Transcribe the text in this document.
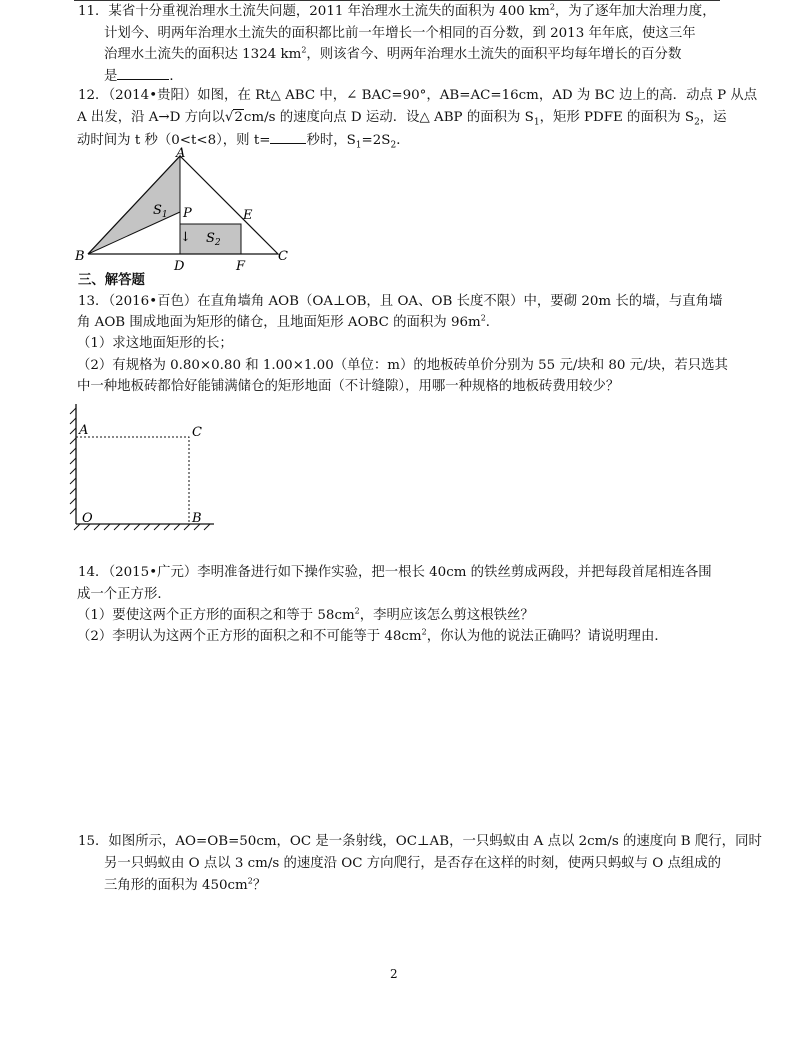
11．某省十分重视治理水土流失问题，2011 年治理水土流失的面积为 400 $km^2$，为了逐年加大治理力度，
计划今、明两年治理水土流失的面积都比前一年增长一个相同的百分数，到 2013 年年底，使这三年
治理水土流失的面积达 1324 $km^2$，则该省今、明两年治理水土流失的面积平均每年增长的百分数
是	．
12．（2014•贵阳）如图，在 Rt△ ABC 中，∠ BAC=90°，AB=AC=16cm，AD 为 BC 边上的高．动点 P 从点
A 出发，沿 A→D 方向以√2cm/s 的速度向点 D 运动．设△ ABP 的面积为 $S_1$，矩形 PDFE 的面积为 $S_2$，运
动时间为 t 秒（0<t<8），则 t=	秒时，$S_1=2S_2$．
A
B	C
D
E
F
P
$S_1$
$S_2$
↓
三、解答题
13．（2016•百色）在直角墙角 AOB（OA⊥OB，且 OA、OB 长度不限）中，要砌 20m 长的墙，与直角墙
角 AOB 围成地面为矩形的储仓，且地面矩形 AOBC 的面积为 $96m^2$．
（1）求这地面矩形的长；
（2）有规格为 0.80×0.80 和 1.00×1.00（单位：m）的地板砖单价分别为 55 元/块和 80 元/块，若只选其
中一种地板砖都恰好能铺满储仓的矩形地面（不计缝隙），用哪一种规格的地板砖费用较少？
A	C
O	B
14．（2015•广元）李明准备进行如下操作实验，把一根长 40cm 的铁丝剪成两段，并把每段首尾相连各围
成一个正方形．
（1）要使这两个正方形的面积之和等于 $58cm^2$，李明应该怎么剪这根铁丝？
（2）李明认为这两个正方形的面积之和不可能等于 $48cm^2$，你认为他的说法正确吗？请说明理由．
15．如图所示，AO=OB=50cm，OC 是一条射线，OC⊥AB，一只蚂蚁由 A 点以 2cm/s 的速度向 B 爬行，同时
另一只蚂蚁由 O 点以 3 cm/s 的速度沿 OC 方向爬行，是否存在这样的时刻，使两只蚂蚁与 O 点组成的
三角形的面积为 $450cm^2$？
2
